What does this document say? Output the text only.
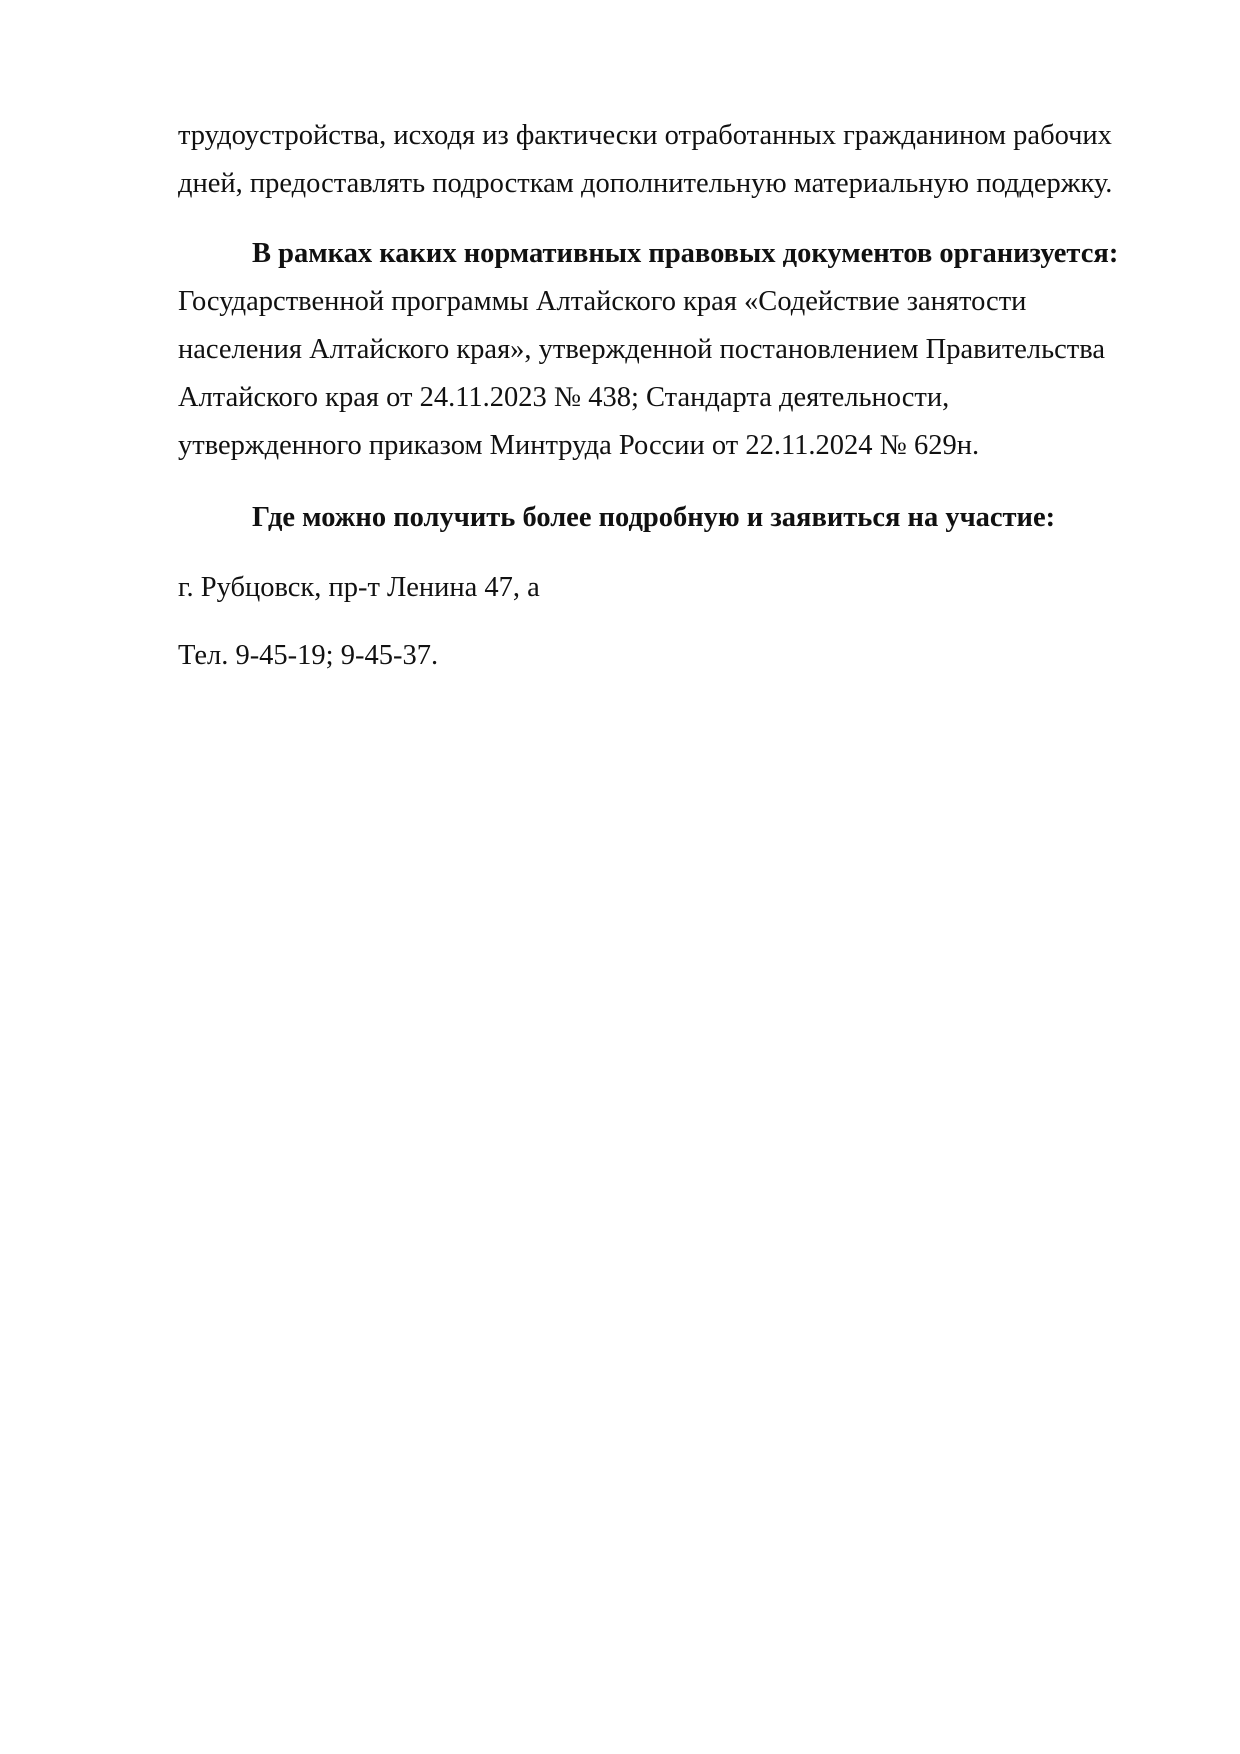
трудоустройства, исходя из фактически отработанных гражданином рабочих
дней, предоставлять подросткам дополнительную материальную поддержку.
В рамках каких нормативных правовых документов организуется:
Государственной программы Алтайского края «Содействие занятости
населения Алтайского края», утвержденной постановлением Правительства
Алтайского края от 24.11.2023 № 438; Стандарта деятельности,
утвержденного приказом Минтруда России от 22.11.2024 № 629н.
Где можно получить более подробную и заявиться на участие:
г. Рубцовск, пр-т Ленина 47, а
Тел. 9-45-19; 9-45-37.
